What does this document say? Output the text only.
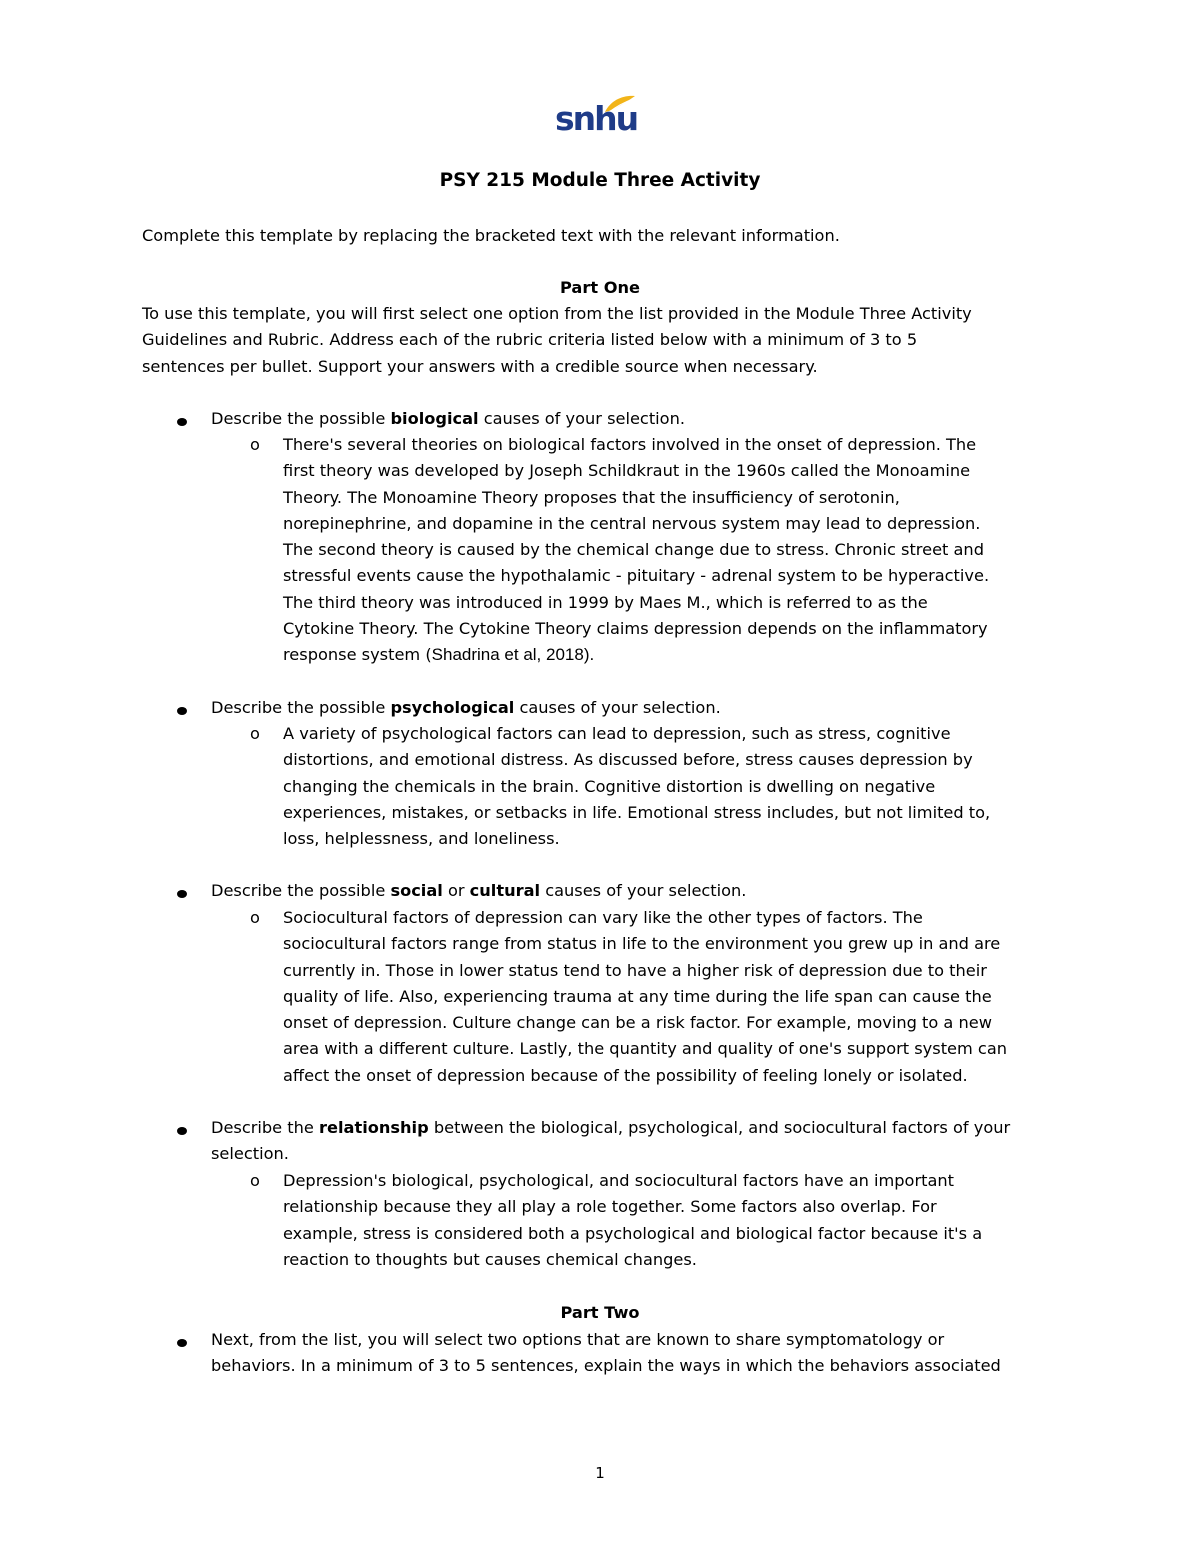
snhu
PSY 215 Module Three Activity
Complete this template by replacing the bracketed text with the relevant information.
Part One
To use this template, you will first select one option from the list provided in the Module Three Activity
Guidelines and Rubric. Address each of the rubric criteria listed below with a minimum of 3 to 5
sentences per bullet. Support your answers with a credible source when necessary.
Describe the possible biological causes of your selection.
o There's several theories on biological factors involved in the onset of depression. The
first theory was developed by Joseph Schildkraut in the 1960s called the Monoamine
Theory. The Monoamine Theory proposes that the insufficiency of serotonin,
norepinephrine, and dopamine in the central nervous system may lead to depression.
The second theory is caused by the chemical change due to stress. Chronic street and
stressful events cause the hypothalamic - pituitary - adrenal system to be hyperactive.
The third theory was introduced in 1999 by Maes M., which is referred to as the
Cytokine Theory. The Cytokine Theory claims depression depends on the inflammatory
response system (Shadrina et al, 2018).
Describe the possible psychological causes of your selection.
o A variety of psychological factors can lead to depression, such as stress, cognitive
distortions, and emotional distress. As discussed before, stress causes depression by
changing the chemicals in the brain. Cognitive distortion is dwelling on negative
experiences, mistakes, or setbacks in life. Emotional stress includes, but not limited to,
loss, helplessness, and loneliness.
Describe the possible social or cultural causes of your selection.
o Sociocultural factors of depression can vary like the other types of factors. The
sociocultural factors range from status in life to the environment you grew up in and are
currently in. Those in lower status tend to have a higher risk of depression due to their
quality of life. Also, experiencing trauma at any time during the life span can cause the
onset of depression. Culture change can be a risk factor. For example, moving to a new
area with a different culture. Lastly, the quantity and quality of one's support system can
affect the onset of depression because of the possibility of feeling lonely or isolated.
Describe the relationship between the biological, psychological, and sociocultural factors of your
selection.
o Depression's biological, psychological, and sociocultural factors have an important
relationship because they all play a role together. Some factors also overlap. For
example, stress is considered both a psychological and biological factor because it's a
reaction to thoughts but causes chemical changes.
Part Two
Next, from the list, you will select two options that are known to share symptomatology or
behaviors. In a minimum of 3 to 5 sentences, explain the ways in which the behaviors associated
1
